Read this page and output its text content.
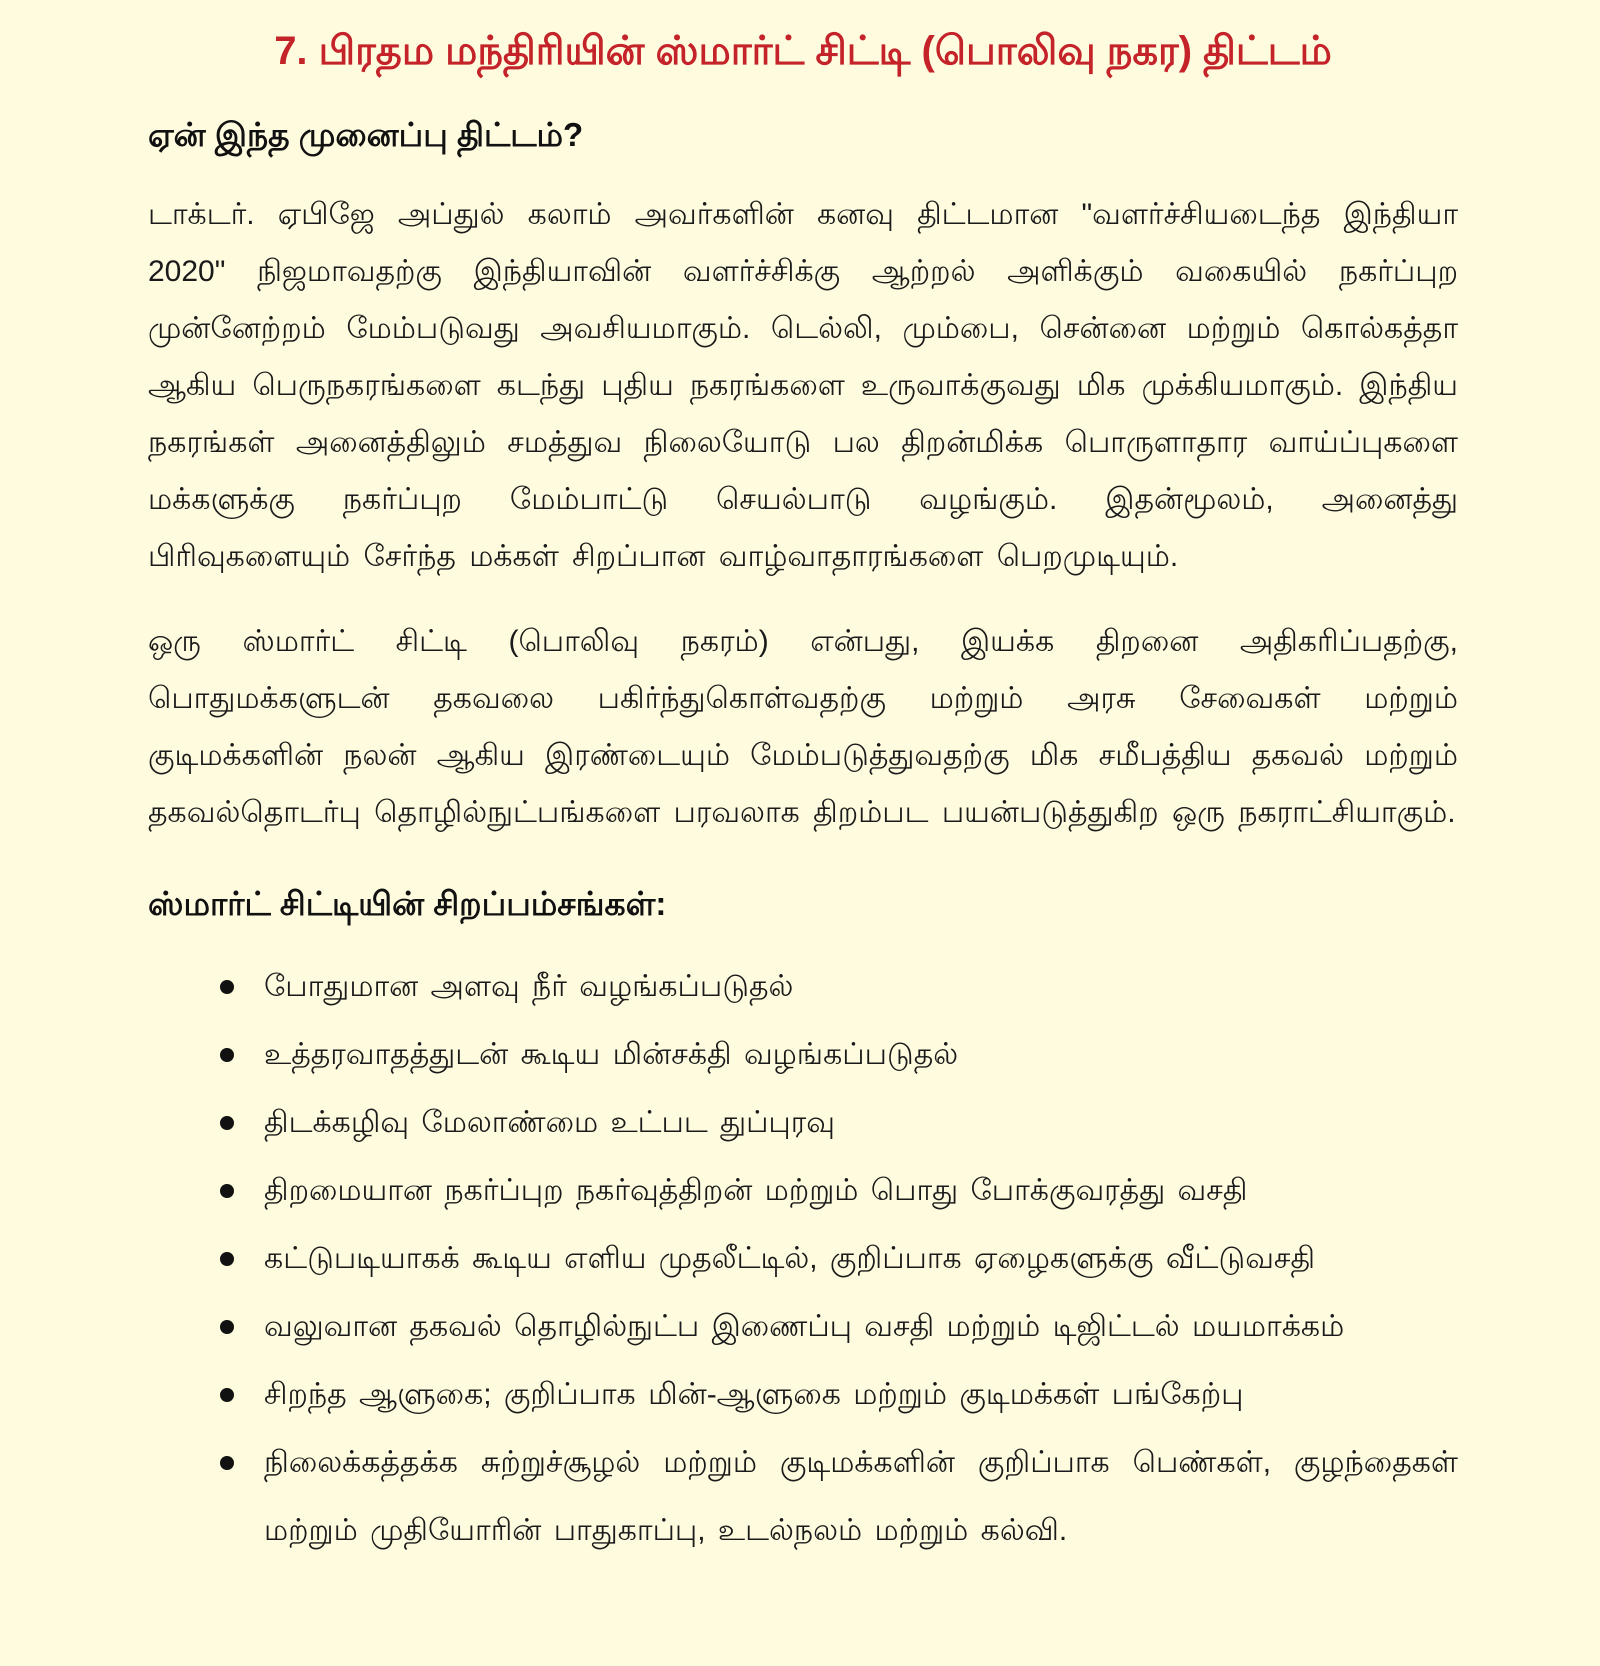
7. பிரதம மந்திரியின் ஸ்மார்ட் சிட்டி (பொலிவு நகர) திட்டம்
ஏன் இந்த முனைப்பு திட்டம்?

டாக்டர். ஏபிஜே அப்துல் கலாம் அவர்களின் கனவு திட்டமான "வளர்ச்சியடைந்த இந்தியா 2020" நிஜமாவதற்கு இந்தியாவின் வளர்ச்சிக்கு ஆற்றல் அளிக்கும் வகையில் நகர்ப்புற முன்னேற்றம் மேம்படுவது அவசியமாகும். டெல்லி, மும்பை, சென்னை மற்றும் கொல்கத்தா ஆகிய பெருநகரங்களை கடந்து புதிய நகரங்களை உருவாக்குவது மிக முக்கியமாகும். இந்திய நகரங்கள் அனைத்திலும் சமத்துவ நிலையோடு பல திறன்மிக்க பொருளாதார வாய்ப்புகளை மக்களுக்கு நகர்ப்புற மேம்பாட்டு செயல்பாடு வழங்கும். இதன்மூலம், அனைத்து பிரிவுகளையும் சேர்ந்த மக்கள் சிறப்பான வாழ்வாதாரங்களை பெறமுடியும்.

ஒரு ஸ்மார்ட் சிட்டி (பொலிவு நகரம்) என்பது, இயக்க திறனை அதிகரிப்பதற்கு, பொதுமக்களுடன் தகவலை பகிர்ந்துகொள்வதற்கு மற்றும் அரசு சேவைகள் மற்றும் குடிமக்களின் நலன் ஆகிய இரண்டையும் மேம்படுத்துவதற்கு மிக சமீபத்திய தகவல் மற்றும் தகவல்தொடர்பு தொழில்நுட்பங்களை பரவலாக திறம்பட பயன்படுத்துகிற ஒரு நகராட்சியாகும்.

ஸ்மார்ட் சிட்டியின் சிறப்பம்சங்கள்:
போதுமான அளவு நீர் வழங்கப்படுதல்
உத்தரவாதத்துடன் கூடிய மின்சக்தி வழங்கப்படுதல்
திடக்கழிவு மேலாண்மை உட்பட துப்புரவு
திறமையான நகர்ப்புற நகர்வுத்திறன் மற்றும் பொது போக்குவரத்து வசதி
கட்டுபடியாகக் கூடிய எளிய முதலீட்டில், குறிப்பாக ஏழைகளுக்கு வீட்டுவசதி
வலுவான தகவல் தொழில்நுட்ப இணைப்பு வசதி மற்றும் டிஜிட்டல் மயமாக்கம்
சிறந்த ஆளுகை; குறிப்பாக மின்-ஆளுகை மற்றும் குடிமக்கள் பங்கேற்பு
நிலைக்கத்தக்க சுற்றுச்சூழல் மற்றும் குடிமக்களின் குறிப்பாக பெண்கள், குழந்தைகள் மற்றும் முதியோரின் பாதுகாப்பு, உடல்நலம் மற்றும் கல்வி.
